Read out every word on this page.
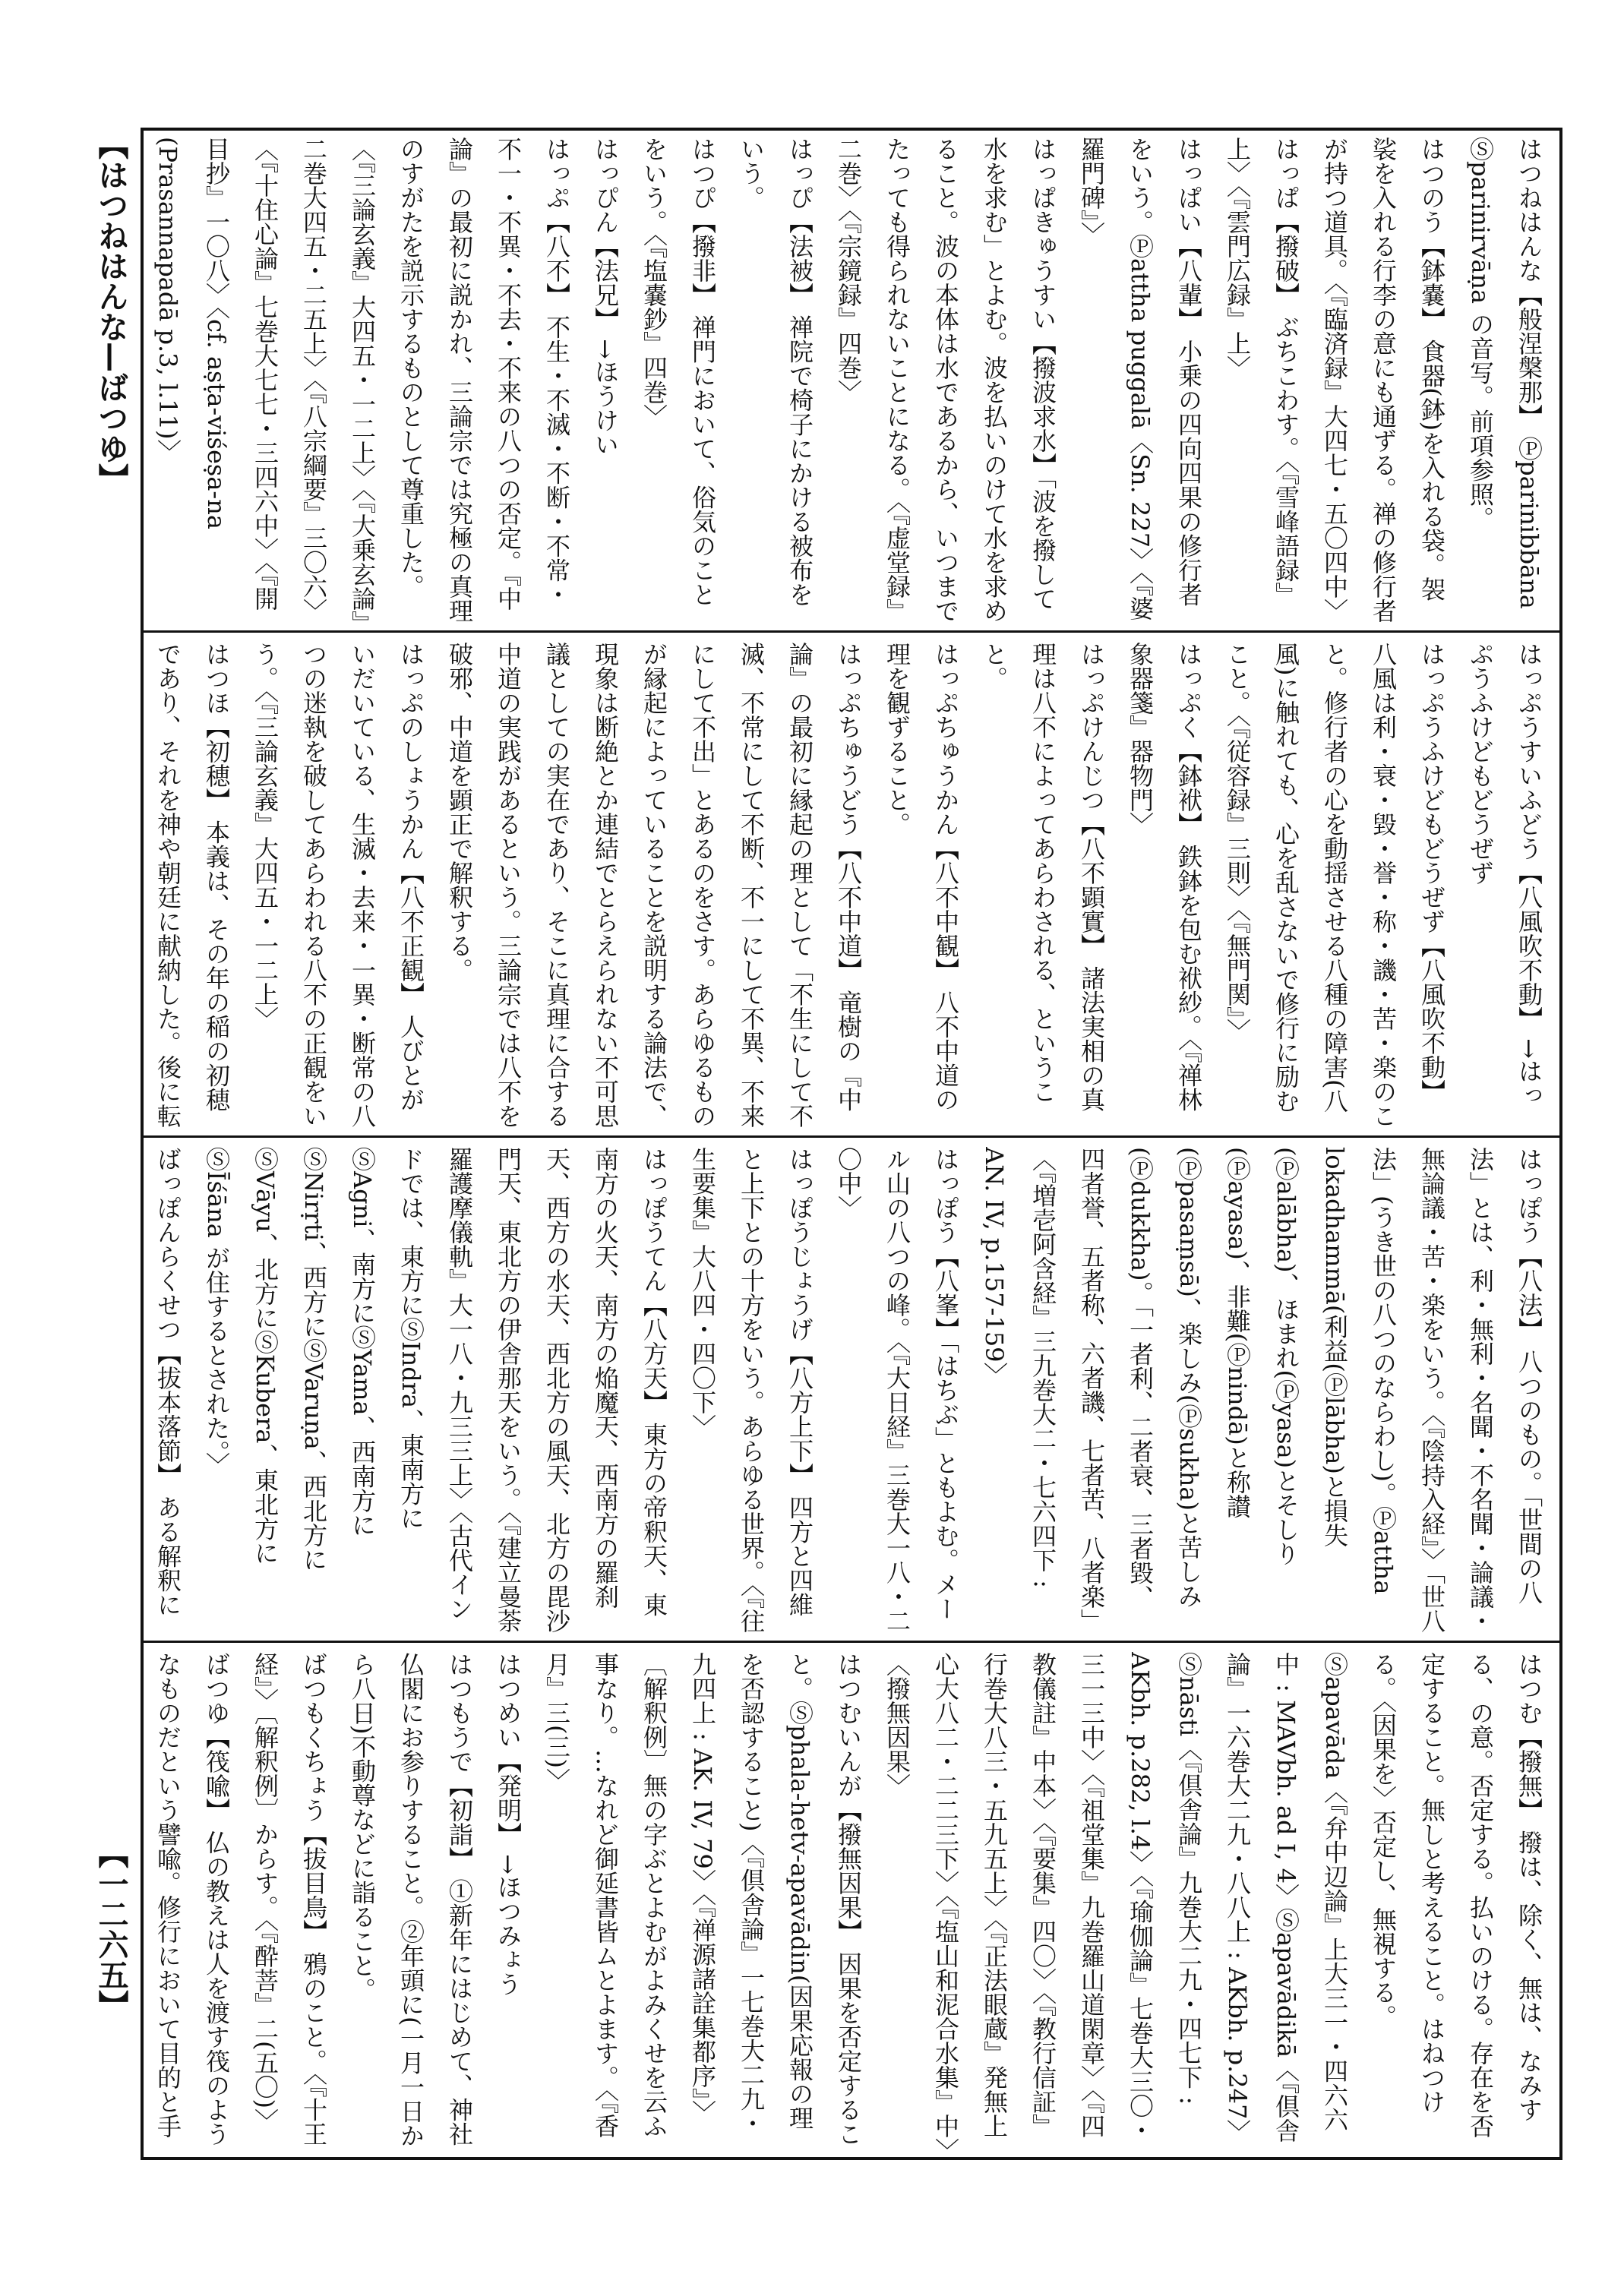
【はつねはんな—ばつゆ】
【一二六五】
はつねはんな【般涅槃那】 Ⓟparinibbāna Ⓢparinirvāṇa の音写。前項参照。
はつのう【鉢嚢】 食器(鉢)を入れる袋。袈裟を入れる行李の意にも通ずる。禅の修行者が持つ道具。〈『臨済録』大四七・五〇四中〉
はっぱ【撥破】 ぶちこわす。〈『雪峰語録』上〉〈『雲門広録』上〉
はっぱい【八輩】 小乗の四向四果の修行者をいう。Ⓟattha puggalā〈Sn. 227〉〈『婆羅門碑』〉
はっぱきゅうすい【撥波求水】「波を撥して水を求む」とよむ。波を払いのけて水を求めること。波の本体は水であるから、いつまでたっても得られないことになる。〈『虚堂録』二巻〉〈『宗鏡録』四巻〉
はっぴ【法被】 禅院で椅子にかける被布をいう。
はつぴ【撥非】 禅門において、俗気のことをいう。〈『塩嚢鈔』四巻〉
はっぴん【法兄】 →ほうけい
はっぷ【八不】 不生・不滅・不断・不常・不一・不異・不去・不来の八つの否定。『中論』の最初に説かれ、三論宗では究極の真理のすがたを説示するものとして尊重した。〈『三論玄義』大四五・一二上〉〈『大乗玄論』二巻大四五・二五上〉〈『八宗綱要』三〇六〉〈『十住心論』七巻大七七・三四六中〉〈『開目抄』一〇八〉〈cf. aṣṭa-viśeṣa-na (Prasannapadā p.3, l.11)〉
はっぷうすいふどう【八風吹不動】 →はっぷうふけどもどうぜず
はっぷうふけどもどうぜず【八風吹不動】 八風は利・衰・毀・誉・称・譏・苦・楽のこと。修行者の心を動揺させる八種の障害(八風)に触れても、心を乱さないで修行に励むこと。〈『従容録』三則〉〈『無門関』〉
はっぷく【鉢袱】 鉄鉢を包む袱紗。〈『禅林象器箋』器物門〉
はっぷけんじつ【八不顕實】 諸法実相の真理は八不によってあらわされる、ということ。
はっぷちゅうかん【八不中観】 八不中道の理を観ずること。
はっぷちゅうどう【八不中道】 竜樹の『中論』の最初に縁起の理として「不生にして不滅、不常にして不断、不一にして不異、不来にして不出」とあるのをさす。あらゆるものが縁起によっていることを説明する論法で、現象は断絶とか連結でとらえられない不可思議としての実在であり、そこに真理に合する中道の実践があるという。三論宗では八不を破邪、中道を顕正で解釈する。
はっぷのしょうかん【八不正観】 人びとがいだいている、生滅・去来・一異・断常の八つの迷執を破してあらわれる八不の正観をいう。〈『三論玄義』大四五・一二上〉
はつほ【初穂】 本義は、その年の稲の初穂であり、それを神や朝廷に献納した。後に転
はっぽう【八法】 八つのもの。「世間の八法」とは、利・無利・名聞・不名聞・論議・無論議・苦・楽をいう。〈『陰持入経』〉「世八法」(うき世の八つのならわし)。Ⓟattha lokadhammā(利益(Ⓟlābha)と損失(Ⓟalābha)、ほまれ(Ⓟyasa)とそしり(Ⓟayasa)、非難(Ⓟnindā)と称讃(Ⓟpasaṃsā)、楽しみ(Ⓟsukha)と苦しみ(Ⓟdukkha)。「一者利、二者衰、三者毀、四者誉、五者称、六者譏、七者苦、八者楽」〈『増壱阿含経』三九巻大二・七六四下 : AN. IV, p.157-159〉
はっぽう【八峯】「はちぶ」ともよむ。メール山の八つの峰。〈『大日経』三巻大一八・二〇中〉
はっぽうじょうげ【八方上下】 四方と四維と上下との十方をいう。あらゆる世界。〈『往生要集』大八四・四〇下〉
はっぽうてん【八方天】 東方の帝釈天、東南方の火天、南方の焔魔天、西南方の羅刹天、西方の水天、西北方の風天、北方の毘沙門天、東北方の伊舎那天をいう。〈『建立曼荼羅護摩儀軌』大一八・九三三上〉〈古代インドでは、東方にⓈIndra、東南方にⓈAgni、南方にⓈYama、西南方にⓈNirṛti、西方にⓈVaruṇa、西北方にⓈVāyu、北方にⓈKubera、東北方にⓈĪśāna が住するとされた。〉
ばっぽんらくせつ【拔本落節】 ある解釈に
はつむ【撥無】 撥は、除く、無は、なみする、の意。否定する。払いのける。存在を否定すること。無しと考えること。はねつける。〈因果を〉否定し、無視する。Ⓢapavāda〈『弁中辺論』上大三一・四六六中 : MAVbh. ad I, 4〉Ⓢapavādikā〈『倶舎論』一六巻大二九・八八上 : AKbh. p.247〉Ⓢnāsti〈『倶舎論』九巻大二九・四七下 : AKbh. p.282, l.4〉〈『瑜伽論』七巻大三〇・三一三中〉〈『祖堂集』九巻羅山道閑章〉〈『四教儀註』中本〉〈『要集』四〇〉〈『教行信証』行巻大八三・五九五上〉〈『正法眼蔵』発無上心大八二・二二三下〉〈『塩山和泥合水集』中〉〈撥無因果〉
はつむいんが【撥無因果】 因果を否定すること。Ⓢphala-hetv-apavādin(因果応報の理を否認すること)〈『倶舎論』一七巻大二九・九四上 : AK. IV, 79〉〈『禅源諸詮集都序』〉〔解釈例〕無の字ぶとよむがよみくせを云ふ事なり。…なれど御延書皆ムとよます。〈『香月』三(三)〉
はつめい【発明】 →ほつみょう
はつもうで【初詣】 ①新年にはじめて、神社仏閣にお参りすること。②年頭に(一月一日から八日)不動尊などに詣ること。
ばつもくちょう【拔目鳥】 鴉のこと。〈『十王経』〉〔解釈例〕からす。〈『酔菩』二(五〇)〉
ばつゆ【筏喩】 仏の教えは人を渡す筏のようなものだという譬喩。修行において目的と手
